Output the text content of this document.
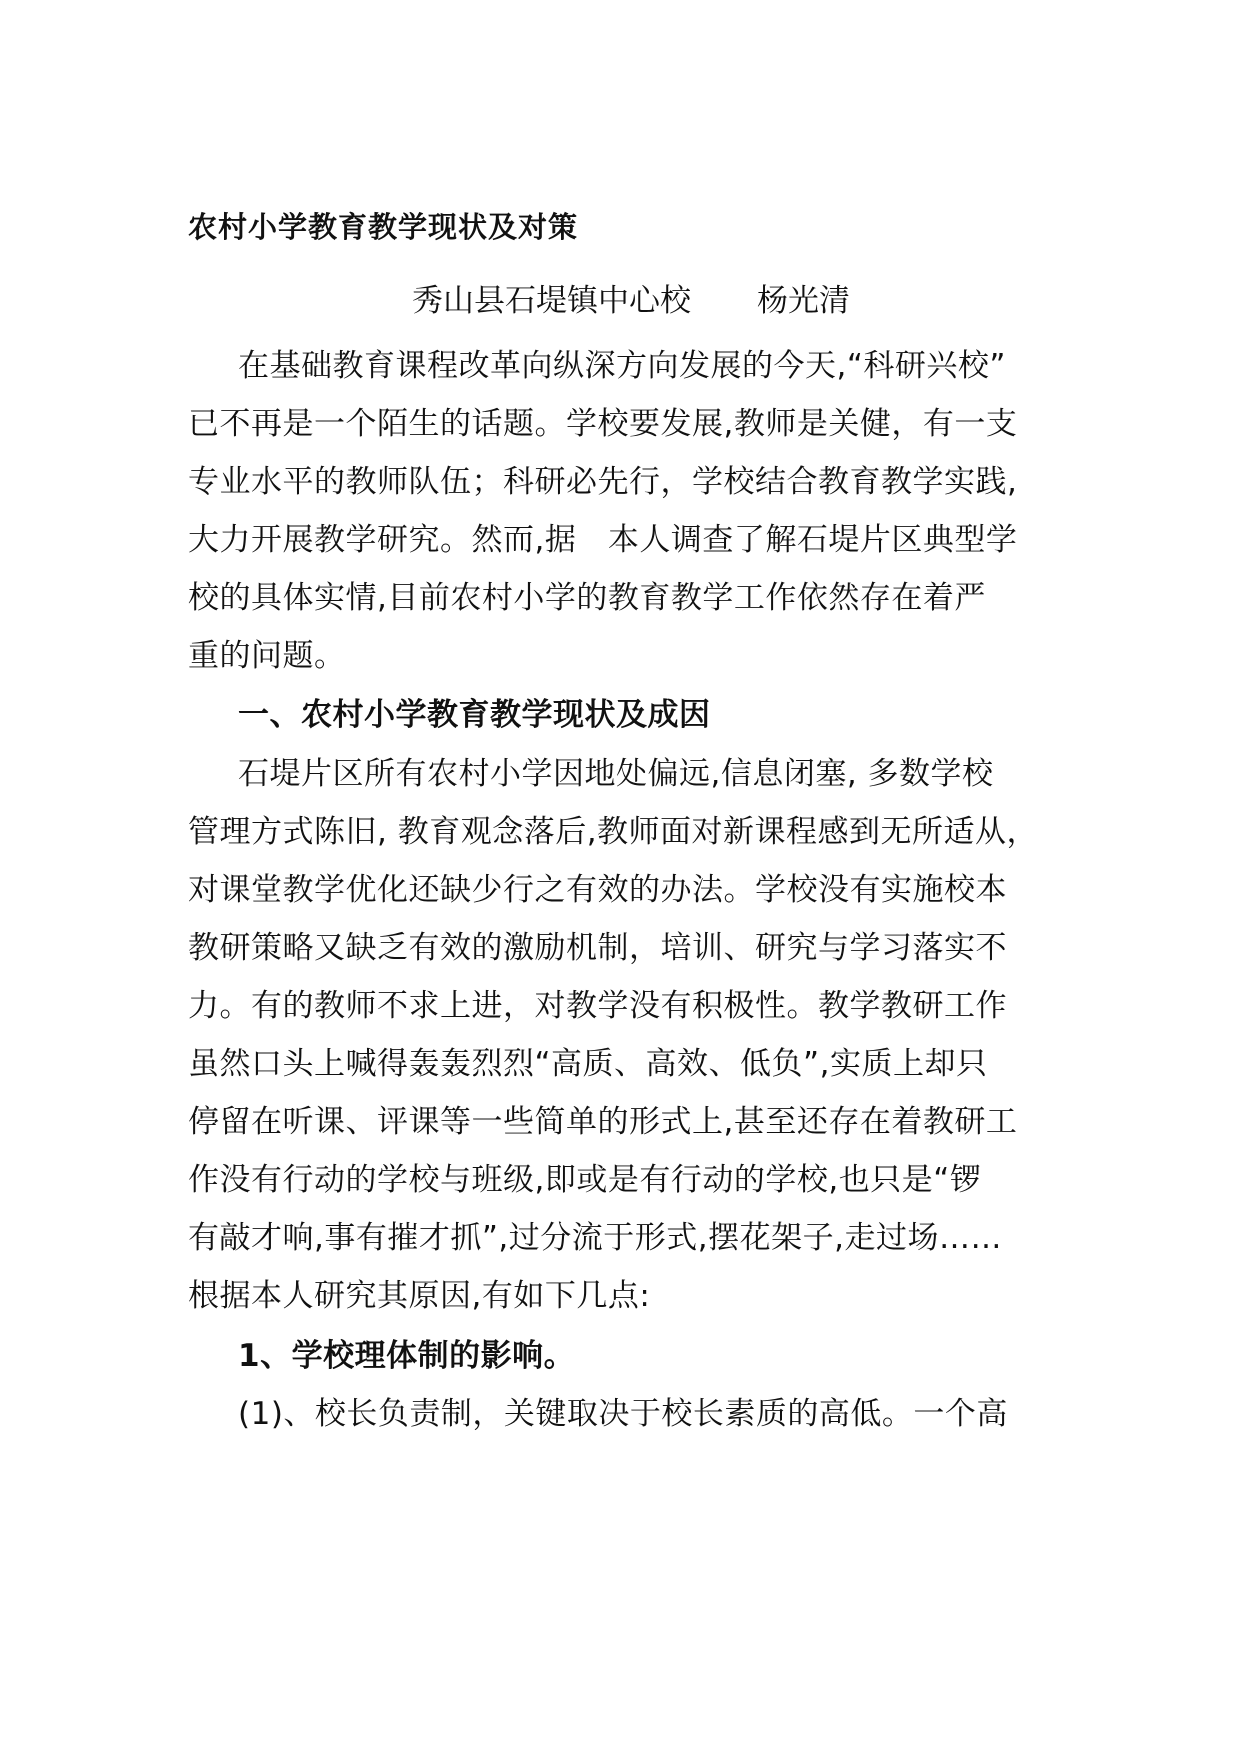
农村小学教育教学现状及对策
秀山县石堤镇中心校 杨光清
在基础教育课程改革向纵深方向发展的今天,“科研兴校”
已不再是一个陌生的话题。学校要发展,教师是关健，有一支
专业水平的教师队伍；科研必先行，学校结合教育教学实践,
大力开展教学研究。然而,据　本人调查了解石堤片区典型学
校的具体实情,目前农村小学的教育教学工作依然存在着严
重的问题。
一、农村小学教育教学现状及成因
石堤片区所有农村小学因地处偏远,信息闭塞, 多数学校
管理方式陈旧, 教育观念落后,教师面对新课程感到无所适从，
对课堂教学优化还缺少行之有效的办法。学校没有实施校本
教研策略又缺乏有效的激励机制，培训、研究与学习落实不
力。有的教师不求上进，对教学没有积极性。教学教研工作
虽然口头上喊得轰轰烈烈“高质、高效、低负”,实质上却只
停留在听课、评课等一些简单的形式上,甚至还存在着教研工
作没有行动的学校与班级,即或是有行动的学校,也只是“锣
有敲才响,事有摧才抓”,过分流于形式,摆花架子,走过场……
根据本人研究其原因,有如下几点:
1、学校理体制的影响。
(1)、校长负责制，关键取决于校长素质的高低。一个高
